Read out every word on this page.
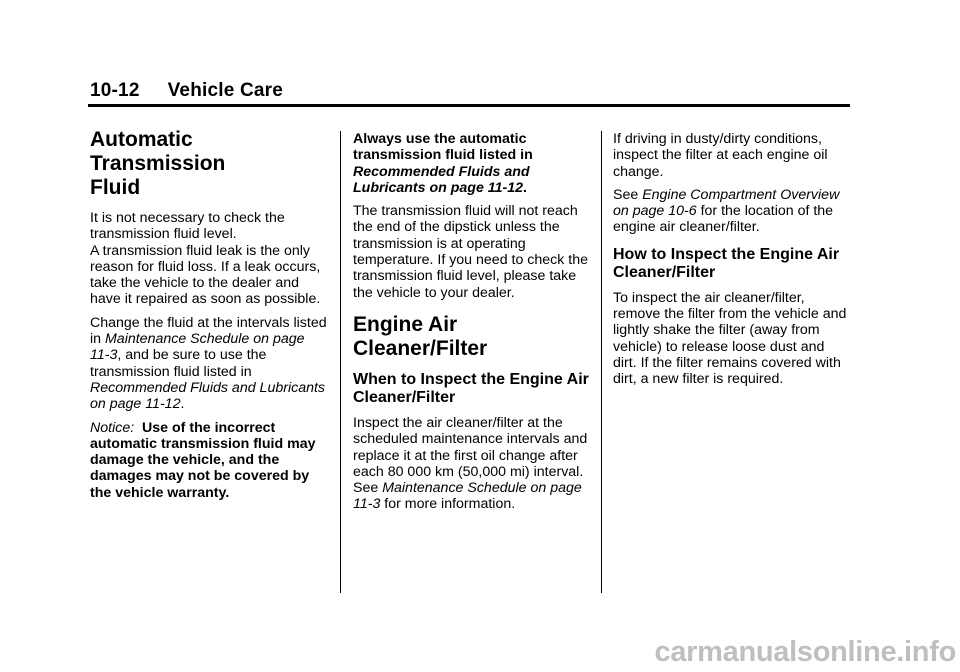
10-12 Vehicle Care
Automatic Transmission
Fluid

It is not necessary to check the transmission fluid level.

A transmission fluid leak is the only reason for fluid loss. If a leak occurs, take the vehicle to the dealer and have it repaired as soon as possible.

Change the fluid at the intervals listed in Maintenance Schedule on page 11‑3, and be sure to use the transmission fluid listed in Recommended Fluids and Lubricants on page 11‑12.

Notice: Use of the incorrect automatic transmission fluid may damage the vehicle, and the damages may not be covered by the vehicle warranty.

Always use the automatic transmission fluid listed in Recommended Fluids and Lubricants on page 11‑12.

The transmission fluid will not reach the end of the dipstick unless the transmission is at operating temperature. If you need to check the transmission fluid level, please take the vehicle to your dealer.

Engine Air Cleaner/Filter
When to Inspect the Engine Air Cleaner/Filter

Inspect the air cleaner/filter at the scheduled maintenance intervals and replace it at the first oil change after each 80 000 km (50,000 mi) interval. See Maintenance Schedule on page 11‑3 for more information.

If driving in dusty/dirty conditions, inspect the filter at each engine oil change.

See Engine Compartment Overview on page 10‑6 for the location of the engine air cleaner/filter.

How to Inspect the Engine Air Cleaner/Filter

To inspect the air cleaner/filter, remove the filter from the vehicle and lightly shake the filter (away from vehicle) to release loose dust and dirt. If the filter remains covered with dirt, a new filter is required.

carmanualsonline.info
